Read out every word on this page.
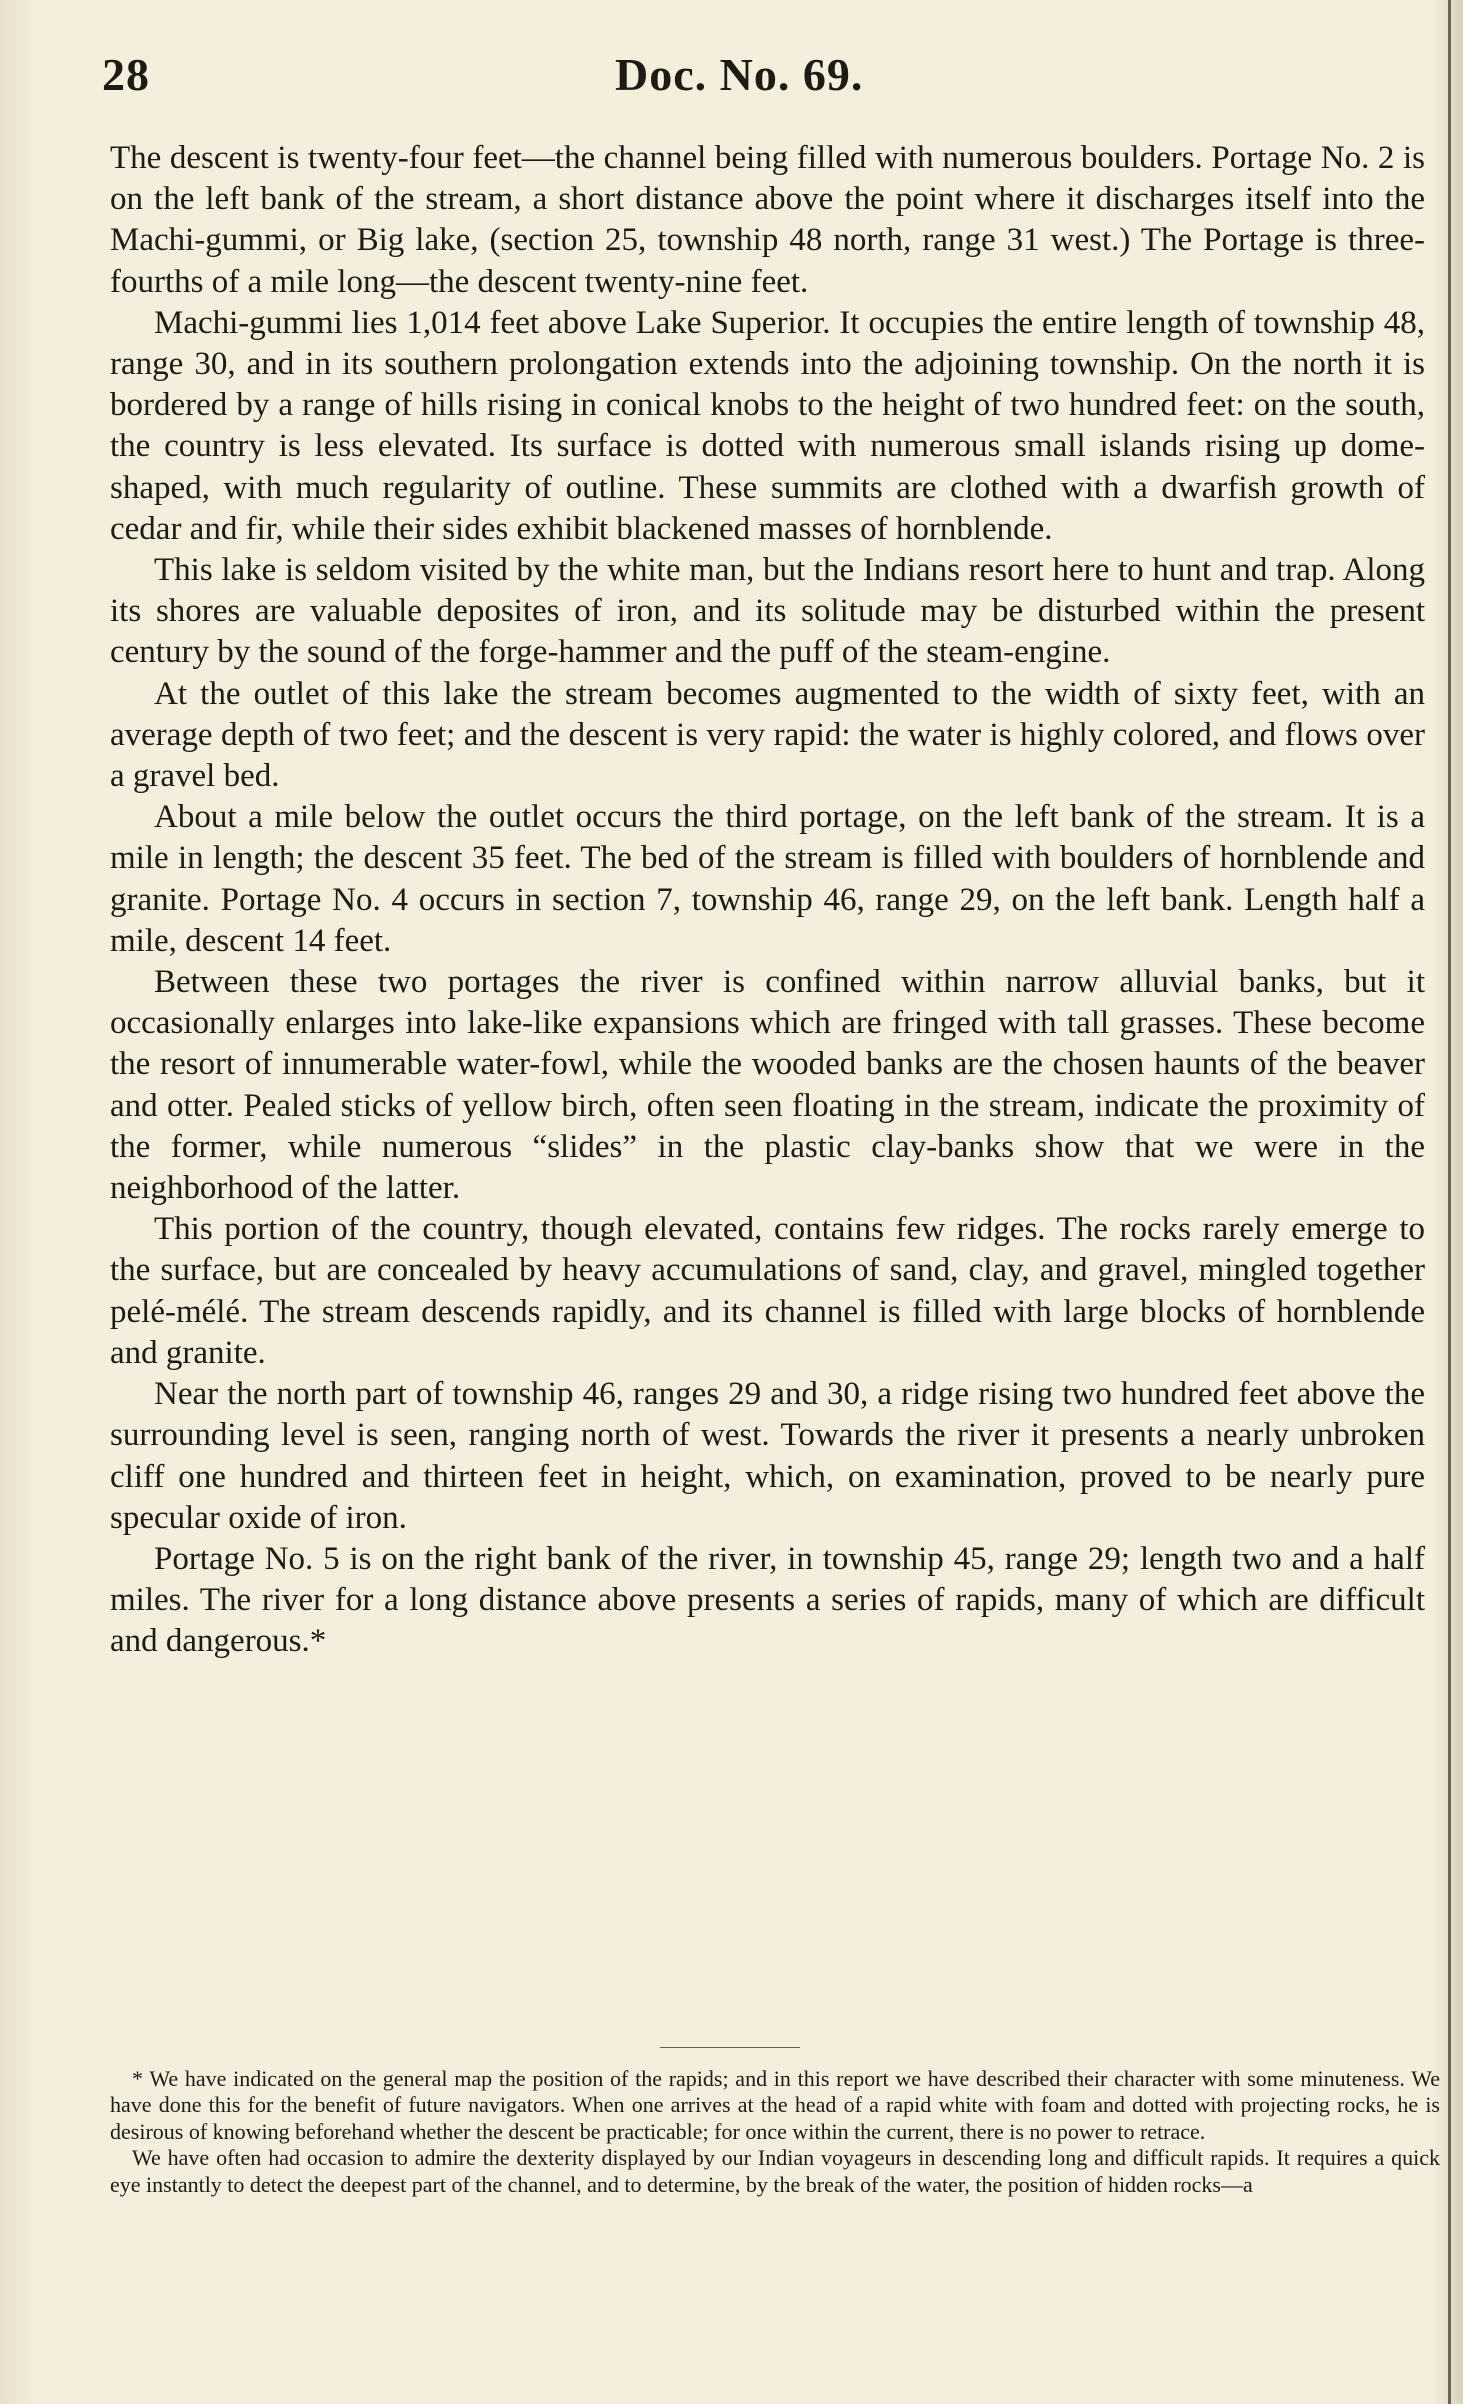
28	Doc. No. 69.

The descent is twenty-four feet—the channel being filled with numerous boulders. Portage No. 2 is on the left bank of the stream, a short distance above the point where it discharges itself into the Machi-gummi, or Big lake, (section 25, township 48 north, range 31 west.) The Portage is three-fourths of a mile long—the descent twenty-nine feet.

Machi-gummi lies 1,014 feet above Lake Superior. It occupies the entire length of township 48, range 30, and in its southern prolongation extends into the adjoining township. On the north it is bordered by a range of hills rising in conical knobs to the height of two hundred feet: on the south, the country is less elevated. Its surface is dotted with numerous small islands rising up dome-shaped, with much regularity of outline. These summits are clothed with a dwarfish growth of cedar and fir, while their sides exhibit blackened masses of hornblende.

This lake is seldom visited by the white man, but the Indians resort here to hunt and trap. Along its shores are valuable deposites of iron, and its solitude may be disturbed within the present century by the sound of the forge-hammer and the puff of the steam-engine.

At the outlet of this lake the stream becomes augmented to the width of sixty feet, with an average depth of two feet; and the descent is very rapid: the water is highly colored, and flows over a gravel bed.

About a mile below the outlet occurs the third portage, on the left bank of the stream. It is a mile in length; the descent 35 feet. The bed of the stream is filled with boulders of hornblende and granite. Portage No. 4 occurs in section 7, township 46, range 29, on the left bank. Length half a mile, descent 14 feet.

Between these two portages the river is confined within narrow alluvial banks, but it occasionally enlarges into lake-like expansions which are fringed with tall grasses. These become the resort of innumerable water-fowl, while the wooded banks are the chosen haunts of the beaver and otter. Pealed sticks of yellow birch, often seen floating in the stream, indicate the proximity of the former, while numerous “slides” in the plastic clay-banks show that we were in the neighborhood of the latter.

This portion of the country, though elevated, contains few ridges. The rocks rarely emerge to the surface, but are concealed by heavy accumulations of sand, clay, and gravel, mingled together pelé-mélé. The stream descends rapidly, and its channel is filled with large blocks of hornblende and granite.

Near the north part of township 46, ranges 29 and 30, a ridge rising two hundred feet above the surrounding level is seen, ranging north of west. Towards the river it presents a nearly unbroken cliff one hundred and thirteen feet in height, which, on examination, proved to be nearly pure specular oxide of iron.

Portage No. 5 is on the right bank of the river, in township 45, range 29; length two and a half miles. The river for a long distance above presents a series of rapids, many of which are difficult and dangerous.*

* We have indicated on the general map the position of the rapids; and in this report we have described their character with some minuteness. We have done this for the benefit of future navigators. When one arrives at the head of a rapid white with foam and dotted with projecting rocks, he is desirous of knowing beforehand whether the descent be practicable; for once within the current, there is no power to retrace.

We have often had occasion to admire the dexterity displayed by our Indian voyageurs in descending long and difficult rapids. It requires a quick eye instantly to detect the deepest part of the channel, and to determine, by the break of the water, the position of hidden rocks—a
